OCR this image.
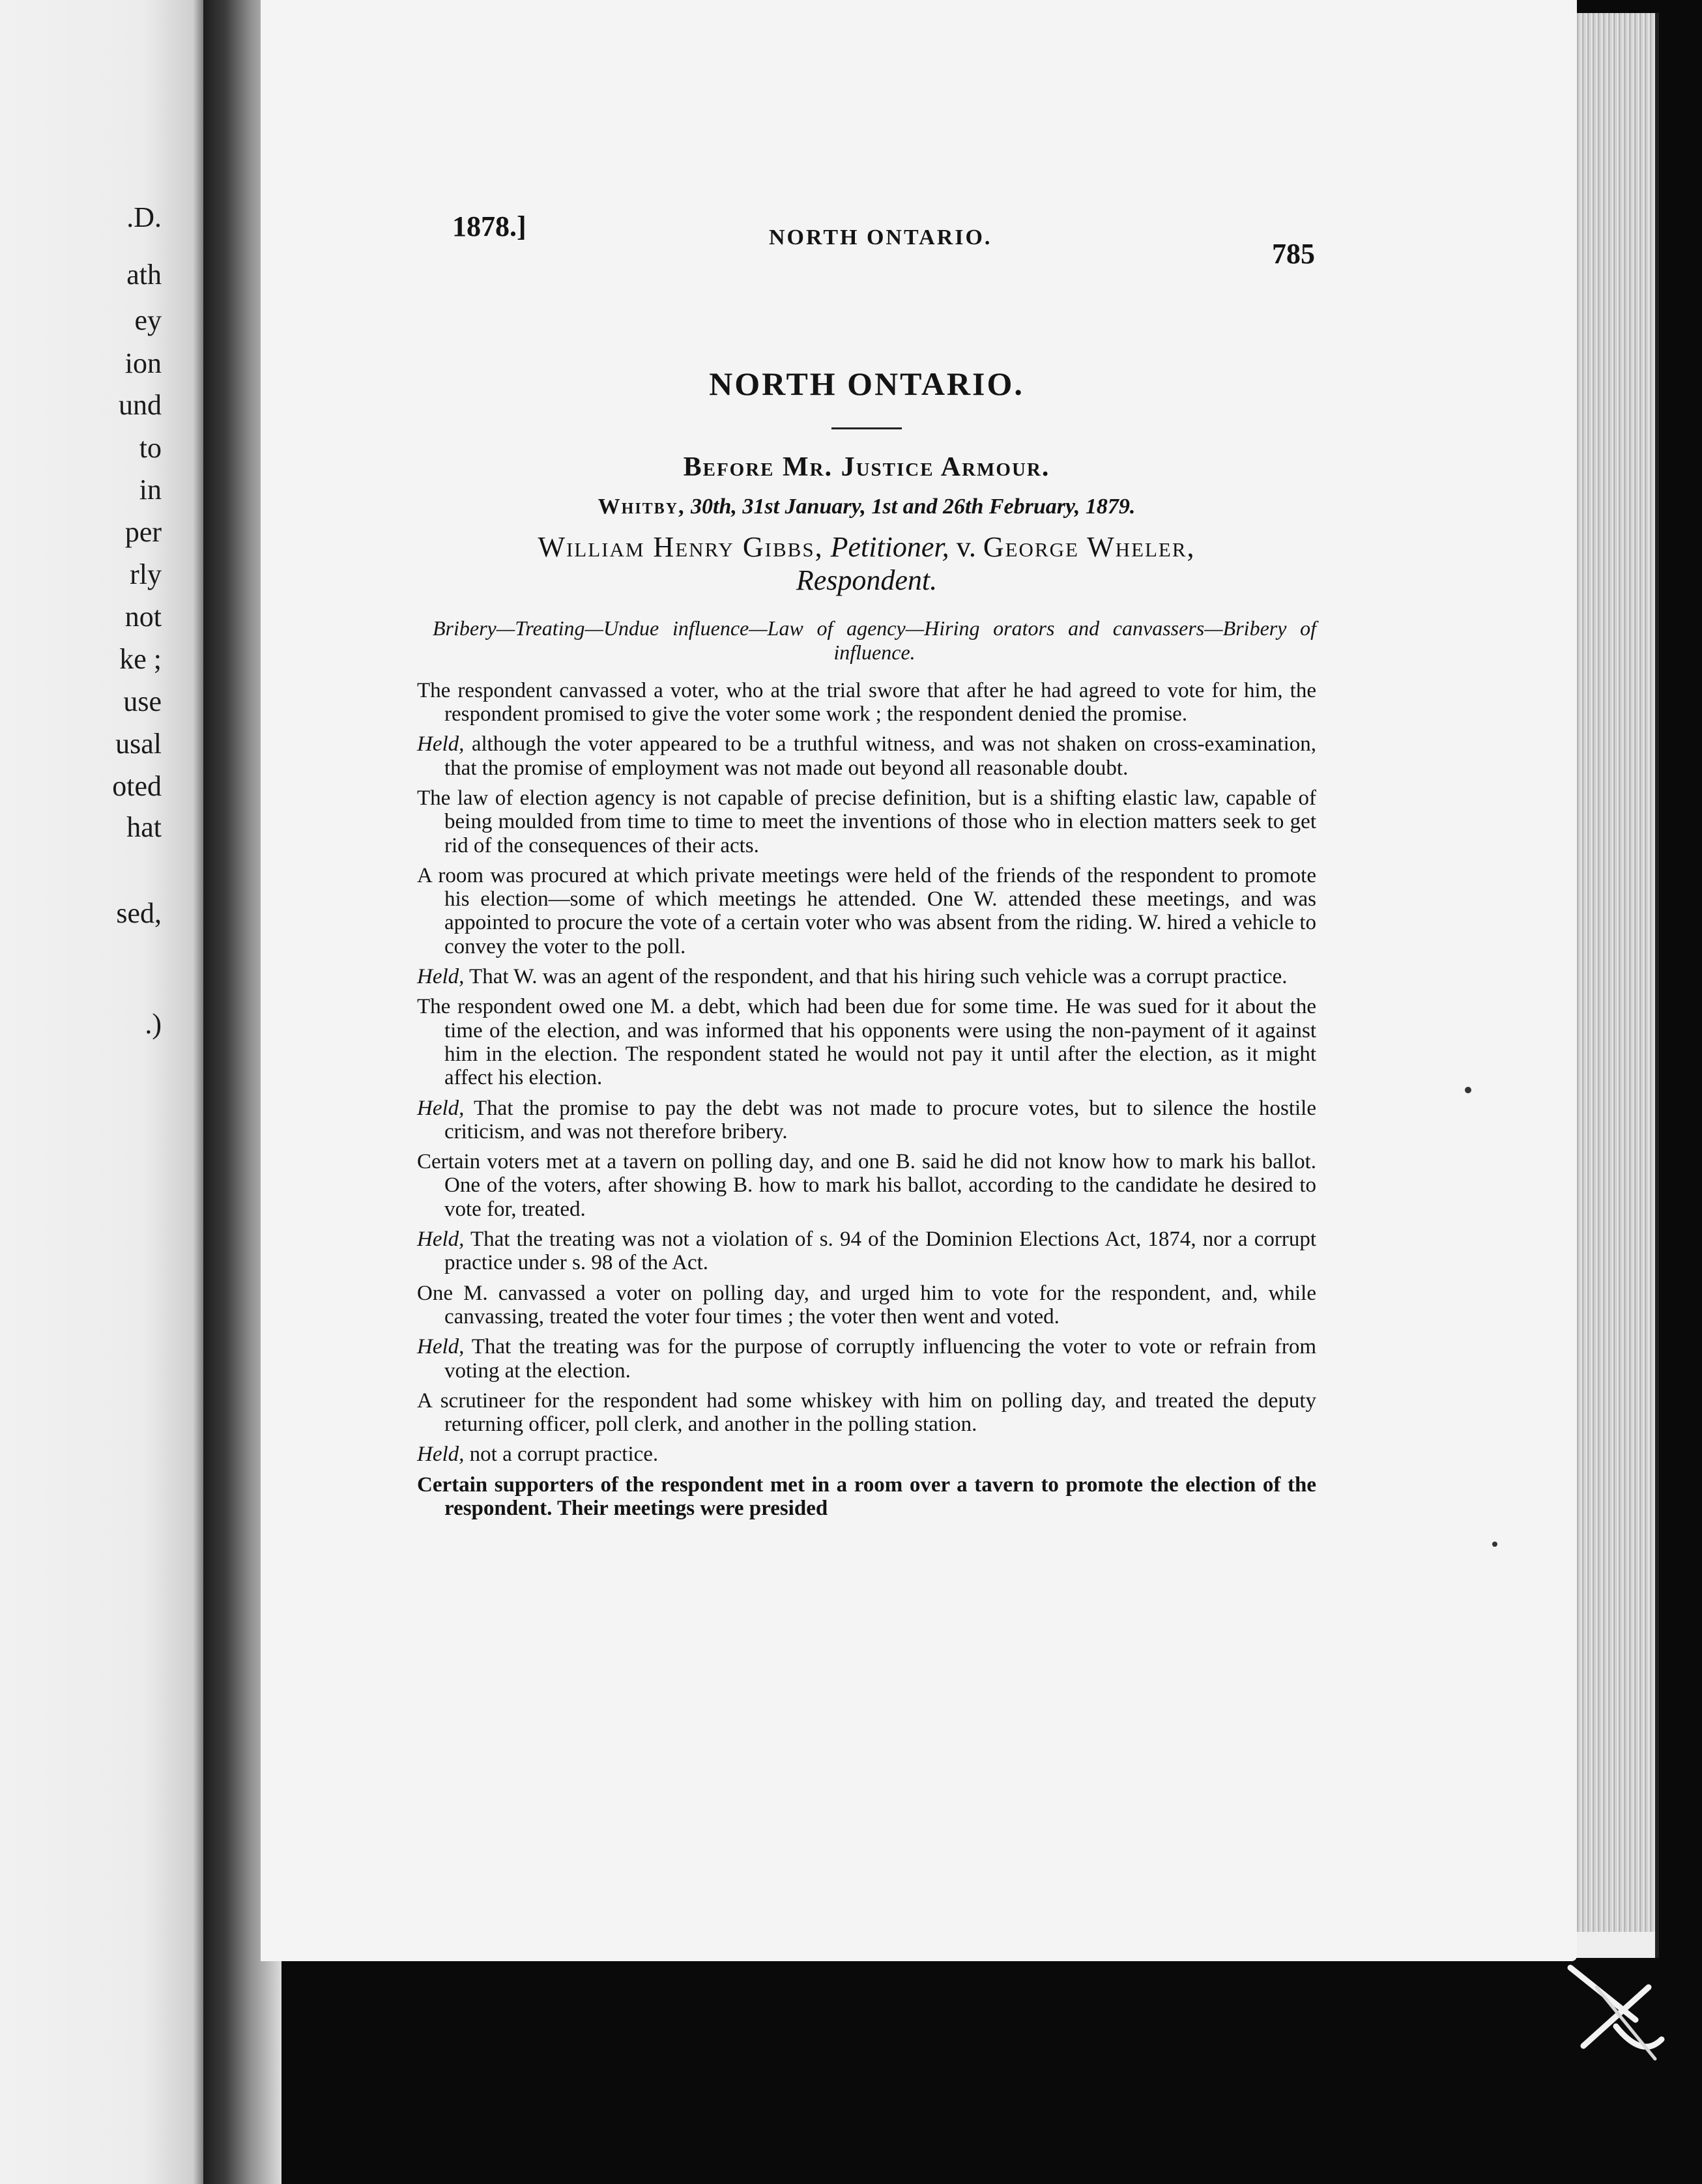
.D.
ath
ey
ion
und
to
in
per
rly
not
ke ;
use
usal
oted
hat
sed,
.)
1878.]	NORTH ONTARIO.
785
NORTH ONTARIO.

Before Mr. Justice Armour.

Whitby, 30th, 31st January, 1st and 26th February, 1879.

William Henry Gibbs, Petitioner, v. George Wheler,
Respondent.

Bribery—Treating—Undue influence—Law of agency—Hiring orators and canvassers—Bribery of influence.

The respondent canvassed a voter, who at the trial swore that after he had agreed to vote for him, the respondent promised to give the voter some work ; the respondent denied the promise.

Held, although the voter appeared to be a truthful witness, and was not shaken on cross-examination, that the promise of employment was not made out beyond all reasonable doubt.

The law of election agency is not capable of precise definition, but is a shifting elastic law, capable of being moulded from time to time to meet the inventions of those who in election matters seek to get rid of the consequences of their acts.

A room was procured at which private meetings were held of the friends of the respondent to promote his election—some of which meetings he attended. One W. attended these meetings, and was appointed to procure the vote of a certain voter who was absent from the riding. W. hired a vehicle to convey the voter to the poll.

Held, That W. was an agent of the respondent, and that his hiring such vehicle was a corrupt practice.

The respondent owed one M. a debt, which had been due for some time. He was sued for it about the time of the election, and was informed that his opponents were using the non-payment of it against him in the election. The respondent stated he would not pay it until after the election, as it might affect his election.

Held, That the promise to pay the debt was not made to procure votes, but to silence the hostile criticism, and was not therefore bribery.

Certain voters met at a tavern on polling day, and one B. said he did not know how to mark his ballot. One of the voters, after showing B. how to mark his ballot, according to the candidate he desired to vote for, treated.

Held, That the treating was not a violation of s. 94 of the Dominion Elections Act, 1874, nor a corrupt practice under s. 98 of the Act.

One M. canvassed a voter on polling day, and urged him to vote for the respondent, and, while canvassing, treated the voter four times ; the voter then went and voted.

Held, That the treating was for the purpose of corruptly influencing the voter to vote or refrain from voting at the election.

A scrutineer for the respondent had some whiskey with him on polling day, and treated the deputy returning officer, poll clerk, and another in the polling station.

Held, not a corrupt practice.

Certain supporters of the respondent met in a room over a tavern to promote the election of the respondent. Their meetings were presided
